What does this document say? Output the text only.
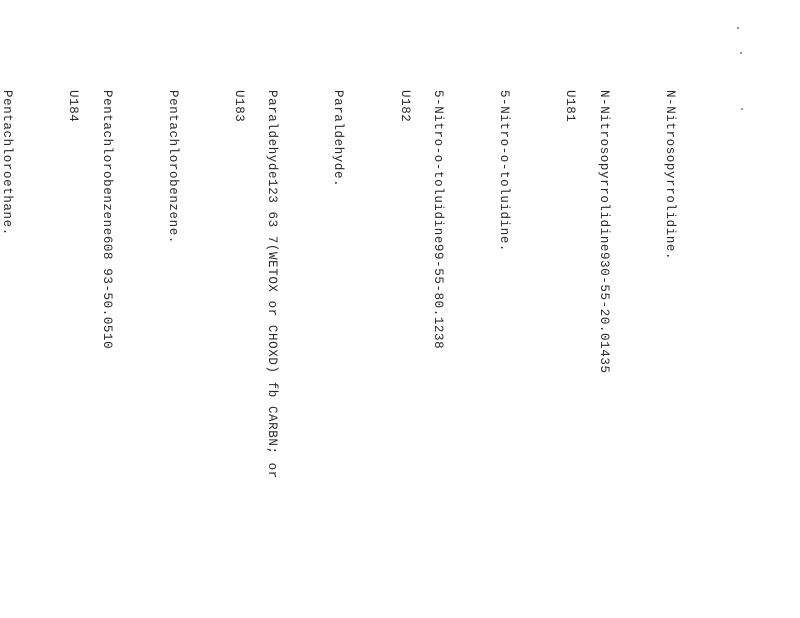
N-Nitrosopyrrolidine.

N-Nitrosopyrrolidine930-55-20.01435

U181

5-Nitro-o-toluidine.

5-Nitro-o-toluidine99-55-80.1238

U182

Paraldehyde.

Paraldehyde123 63 7(WETOX or CHOXD) fb CARBN; or

U183

Pentachlorobenzene.

Pentachlorobenzene608 93-50.0510

U184

Pentachloroethane.
